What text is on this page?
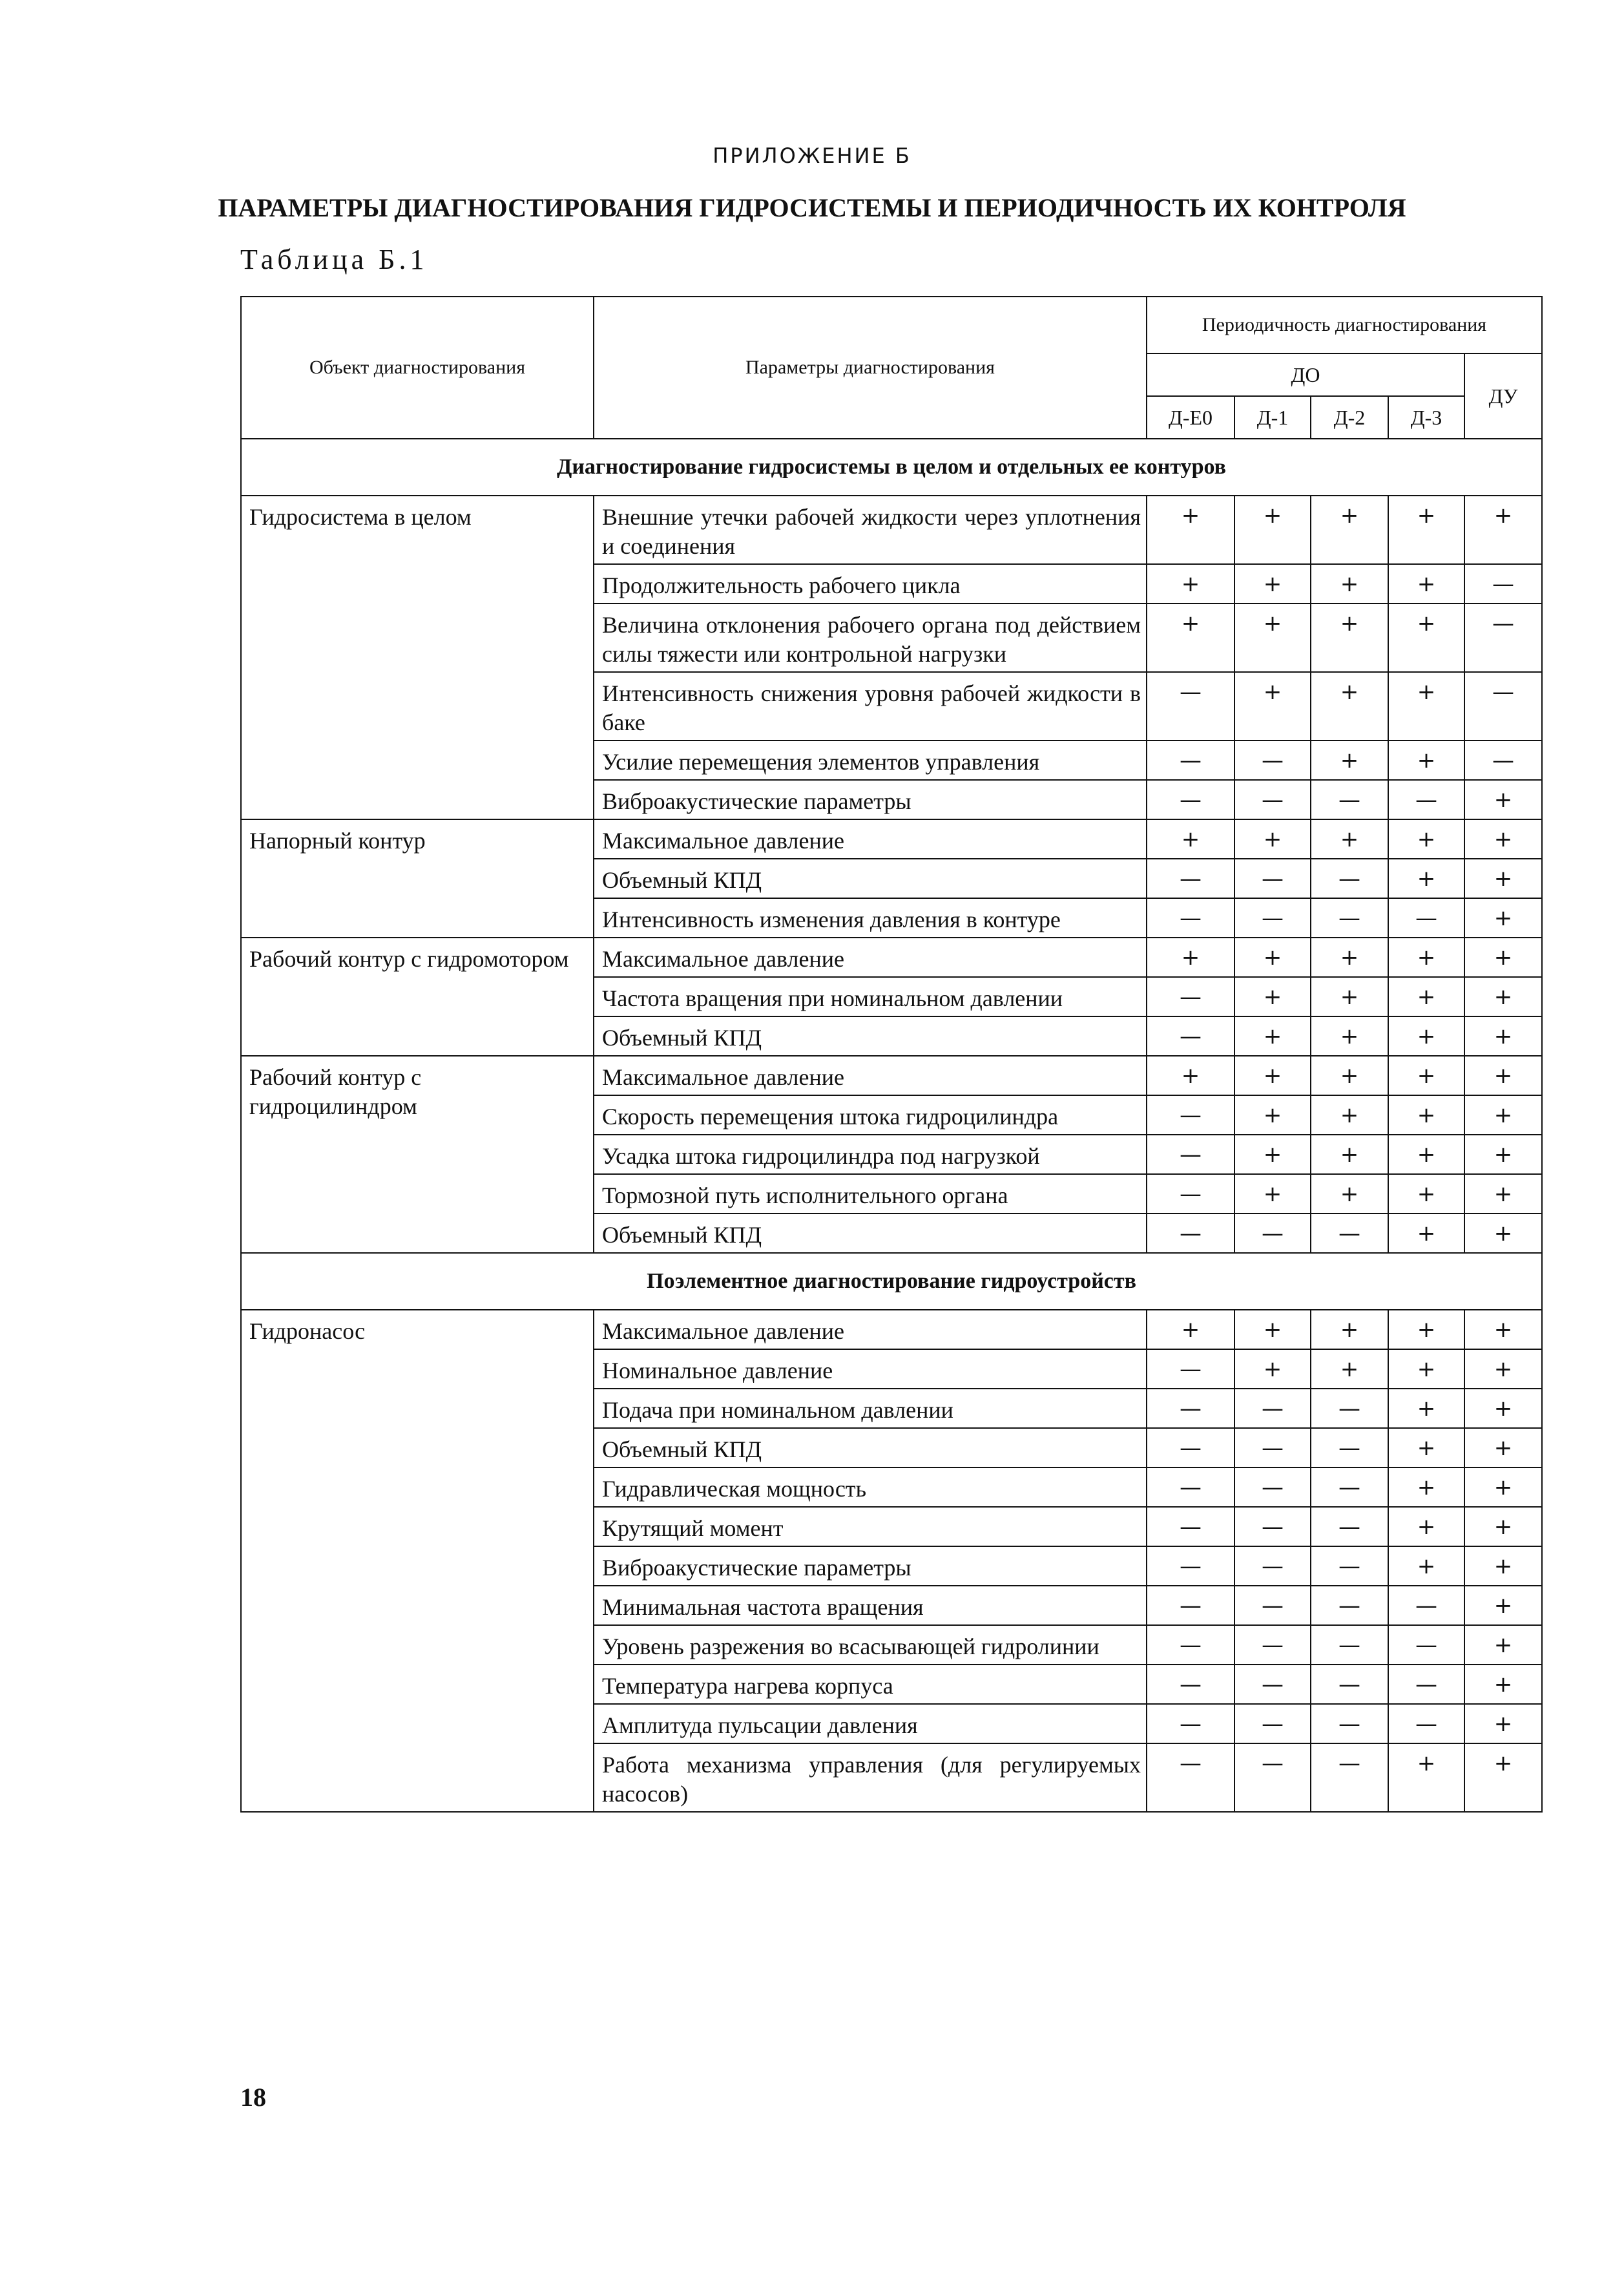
ПРИЛОЖЕНИЕ Б
ПАРАМЕТРЫ ДИАГНОСТИРОВАНИЯ ГИДРОСИСТЕМЫ И ПЕРИОДИЧНОСТЬ ИХ КОНТРОЛЯ
Таблица Б.1
Объект диагностирования	Параметры диагностирования	Периодичность диагностирования				
		ДО				ДУ
		Д-Е0	Д-1	Д-2	Д-3	
Диагностирование гидросистемы в целом и отдельных ее контуров						
Гидросистема в целом	Внешние утечки рабочей жидкости через уплотнения и соединения	+	+	+	+	+
	Продолжительность рабочего цикла	+	+	+	+	—
	Величина отклонения рабочего органа под действием силы тяжести или контрольной нагрузки	+	+	+	+	—
	Интенсивность снижения уровня рабочей жидкости в баке	—	+	+	+	—
	Усилие перемещения элементов управления	—	—	+	+	—
	Виброакустические параметры	—	—	—	—	+
Напорный контур	Максимальное давление	+	+	+	+	+
	Объемный КПД	—	—	—	+	+
	Интенсивность изменения давления в контуре	—	—	—	—	+
Рабочий контур с гидромотором	Максимальное давление	+	+	+	+	+
	Частота вращения при номинальном давлении	—	+	+	+	+
	Объемный КПД	—	+	+	+	+
Рабочий контур с гидроцилиндром	Максимальное давление	+	+	+	+	+
	Скорость перемещения штока гидроцилиндра	—	+	+	+	+
	Усадка штока гидроцилиндра под нагрузкой	—	+	+	+	+
	Тормозной путь исполнительного органа	—	+	+	+	+
	Объемный КПД	—	—	—	+	+
Поэлементное диагностирование гидроустройств						
Гидронасос	Максимальное давление	+	+	+	+	+
	Номинальное давление	—	+	+	+	+
	Подача при номинальном давлении	—	—	—	+	+
	Объемный КПД	—	—	—	+	+
	Гидравлическая мощность	—	—	—	+	+
	Крутящий момент	—	—	—	+	+
	Виброакустические параметры	—	—	—	+	+
	Минимальная частота вращения	—	—	—	—	+
	Уровень разрежения во всасывающей гидролинии	—	—	—	—	+
	Температура нагрева корпуса	—	—	—	—	+
	Амплитуда пульсации давления	—	—	—	—	+
	Работа механизма управления (для регулируемых насосов)	—	—	—	+	+
18
